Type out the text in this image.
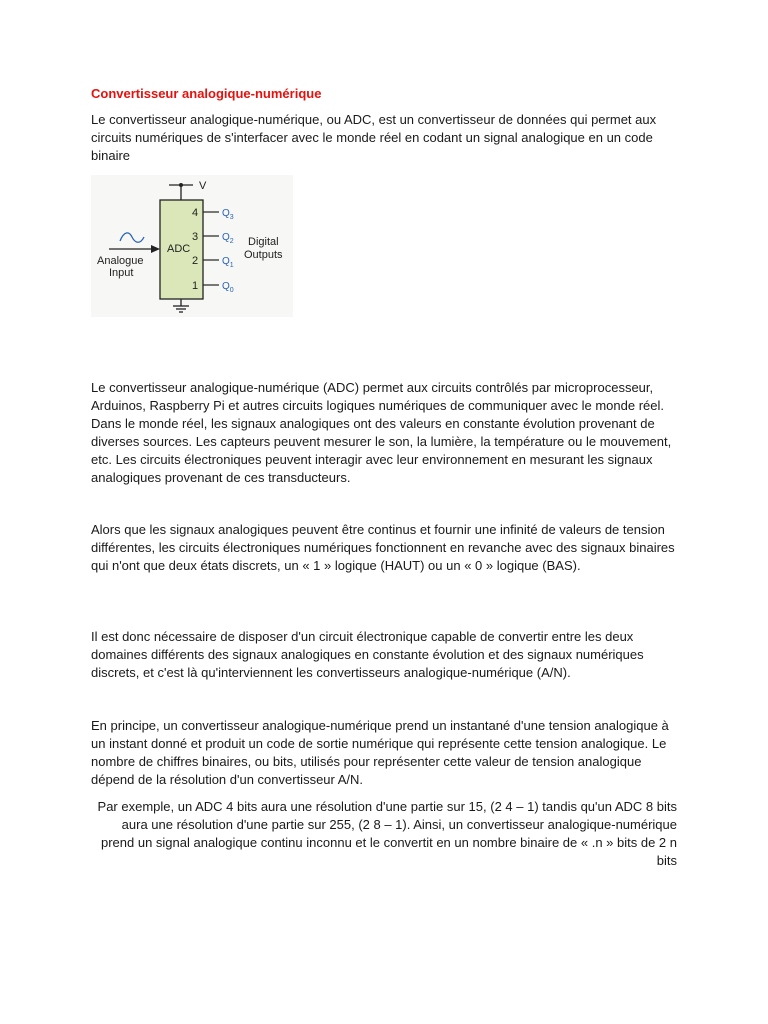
Convertisseur analogique-numérique

Le convertisseur analogique-numérique, ou ADC, est un convertisseur de données qui permet aux circuits numériques de s'interfacer avec le monde réel en codant un signal analogique en un code binaire

V
ADC
4
3
2
1
$Q_3$
$Q_2$
$Q_1$
$Q_0$
Digital
Outputs
Analogue
Input

Le convertisseur analogique-numérique (ADC) permet aux circuits contrôlés par microprocesseur, Arduinos, Raspberry Pi et autres circuits logiques numériques de communiquer avec le monde réel. Dans le monde réel, les signaux analogiques ont des valeurs en constante évolution provenant de diverses sources. Les capteurs peuvent mesurer le son, la lumière, la température ou le mouvement, etc. Les circuits électroniques peuvent interagir avec leur environnement en mesurant les signaux analogiques provenant de ces transducteurs.

Alors que les signaux analogiques peuvent être continus et fournir une infinité de valeurs de tension différentes, les circuits électroniques numériques fonctionnent en revanche avec des signaux binaires qui n'ont que deux états discrets, un « 1 » logique (HAUT) ou un « 0 » logique (BAS).

Il est donc nécessaire de disposer d'un circuit électronique capable de convertir entre les deux domaines différents des signaux analogiques en constante évolution et des signaux numériques discrets, et c'est là qu'interviennent les convertisseurs analogique-numérique (A/N).

En principe, un convertisseur analogique-numérique prend un instantané d'une tension analogique à un instant donné et produit un code de sortie numérique qui représente cette tension analogique. Le nombre de chiffres binaires, ou bits, utilisés pour représenter cette valeur de tension analogique dépend de la résolution d'un convertisseur A/N.

Par exemple, un ADC 4 bits aura une résolution d'une partie sur 15, (2 4 – 1) tandis qu'un ADC 8 bits aura une résolution d'une partie sur 255, (2 8 – 1). Ainsi, un convertisseur analogique-numérique prend un signal analogique continu inconnu et le convertit en un nombre binaire de « .n » bits de 2 n bits
